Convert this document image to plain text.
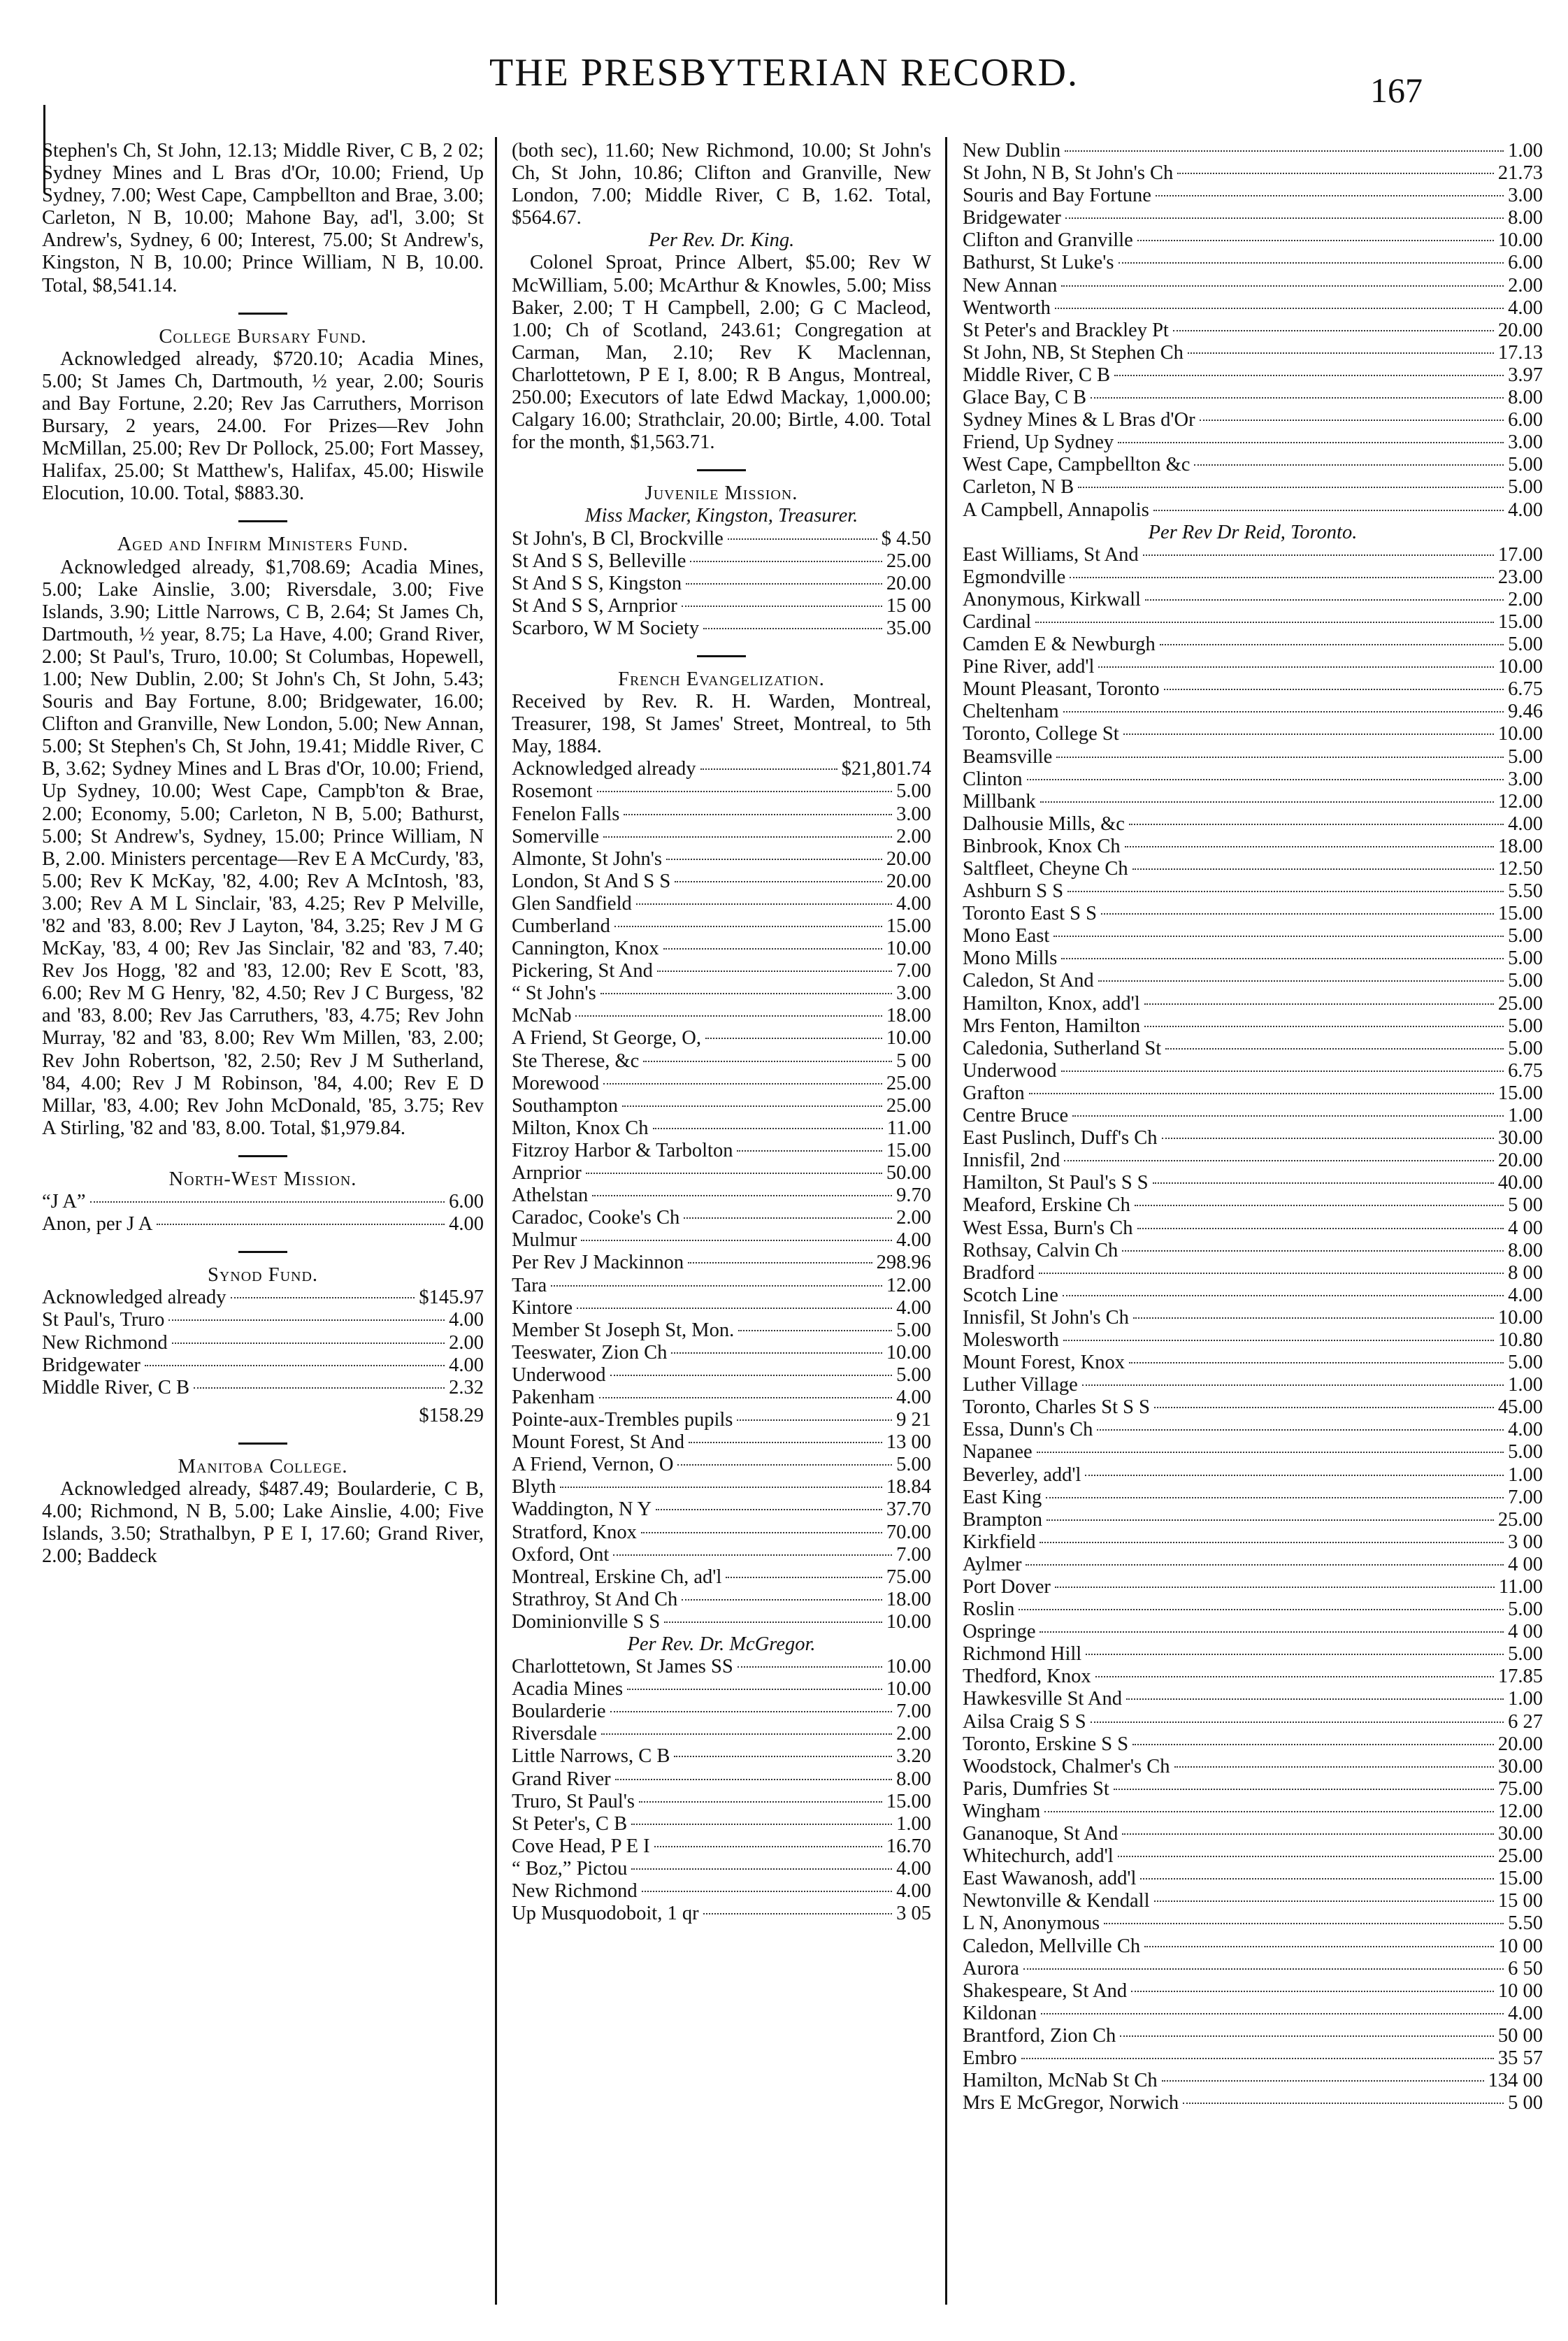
THE PRESBYTERIAN RECORD.	167

Stephen's Ch, St John, 12.13; Middle River, C B, 2 02; Sydney Mines and L Bras d'Or, 10.00; Friend, Up Sydney, 7.00; West Cape, Campbellton and Brae, 3.00; Carleton, N B, 10.00; Mahone Bay, ad'l, 3.00; St Andrew's, Sydney, 6 00; Interest, 75.00; St Andrew's, Kingston, N B, 10.00; Prince William, N B, 10.00. Total, $8,541.14.

College Bursary Fund.

Acknowledged already, $720.10; Acadia Mines, 5.00; St James Ch, Dartmouth, ½ year, 2.00; Souris and Bay Fortune, 2.20; Rev Jas Carruthers, Morrison Bursary, 2 years, 24.00. For Prizes—Rev John McMillan, 25.00; Rev Dr Pollock, 25.00; Fort Massey, Halifax, 25.00; St Matthew's, Halifax, 45.00; Hiswile Elocution, 10.00. Total, $883.30.

Aged and Infirm Ministers Fund.

Acknowledged already, $1,708.69; Acadia Mines, 5.00; Lake Ainslie, 3.00; Riversdale, 3.00; Five Islands, 3.90; Little Narrows, C B, 2.64; St James Ch, Dartmouth, ½ year, 8.75; La Have, 4.00; Grand River, 2.00; St Paul's, Truro, 10.00; St Columbas, Hopewell, 1.00; New Dublin, 2.00; St John's Ch, St John, 5.43; Souris and Bay Fortune, 8.00; Bridgewater, 16.00; Clifton and Granville, New London, 5.00; New Annan, 5.00; St Stephen's Ch, St John, 19.41; Middle River, C B, 3.62; Sydney Mines and L Bras d'Or, 10.00; Friend, Up Sydney, 10.00; West Cape, Campb'ton & Brae, 2.00; Economy, 5.00; Carleton, N B, 5.00; Bathurst, 5.00; St Andrew's, Sydney, 15.00; Prince William, N B, 2.00. Ministers percentage—Rev E A McCurdy, '83, 5.00; Rev K McKay, '82, 4.00; Rev A McIntosh, '83, 3.00; Rev A M L Sinclair, '83, 4.25; Rev P Melville, '82 and '83, 8.00; Rev J Layton, '84, 3.25; Rev J M G McKay, '83, 4 00; Rev Jas Sinclair, '82 and '83, 7.40; Rev Jos Hogg, '82 and '83, 12.00; Rev E Scott, '83, 6.00; Rev M G Henry, '82, 4.50; Rev J C Burgess, '82 and '83, 8.00; Rev Jas Carruthers, '83, 4.75; Rev John Murray, '82 and '83, 8.00; Rev Wm Millen, '83, 2.00; Rev John Robertson, '82, 2.50; Rev J M Sutherland, '84, 4.00; Rev J M Robinson, '84, 4.00; Rev E D Millar, '83, 4.00; Rev John McDonald, '85, 3.75; Rev A Stirling, '82 and '83, 8.00. Total, $1,979.84.

North-West Mission.

“J A”	6.00
Anon, per J A	4.00

Synod Fund.

Acknowledged already	$145.97
St Paul's, Truro	4.00
New Richmond	2.00
Bridgewater	4.00
Middle River, C B	2.32
$158.29

Manitoba College.

Acknowledged already, $487.49; Boularderie, C B, 4.00; Richmond, N B, 5.00; Lake Ainslie, 4.00; Five Islands, 3.50; Strathalbyn, P E I, 17.60; Grand River, 2.00; Baddeck

(both sec), 11.60; New Richmond, 10.00; St John's Ch, St John, 10.86; Clifton and Granville, New London, 7.00; Middle River, C B, 1.62. Total, $564.67.

Per Rev. Dr. King.

Colonel Sproat, Prince Albert, $5.00; Rev W McWilliam, 5.00; McArthur & Knowles, 5.00; Miss Baker, 2.00; T H Campbell, 2.00; G C Macleod, 1.00; Ch of Scotland, 243.61; Congregation at Carman, Man, 2.10; Rev K Maclennan, Charlottetown, P E I, 8.00; R B Angus, Montreal, 250.00; Executors of late Edwd Mackay, 1,000.00; Calgary 16.00; Strathclair, 20.00; Birtle, 4.00. Total for the month, $1,563.71.

Juvenile Mission.

Miss Macker, Kingston, Treasurer.

St John's, B Cl, Brockville	$ 4.50
St And S S, Belleville	25.00
St And S S, Kingston	20.00
St And S S, Arnprior	15 00
Scarboro, W M Society	35.00

French Evangelization.

Received by Rev. R. H. Warden, Montreal, Treasurer, 198, St James' Street, Montreal, to 5th May, 1884.

Acknowledged already	$21,801.74
Rosemont	5.00
Fenelon Falls	3.00
Somerville	2.00
Almonte, St John's	20.00
London, St And S S	20.00
Glen Sandfield	4.00
Cumberland	15.00
Cannington, Knox	10.00
Pickering, St And	7.00
“ St John's	3.00
McNab	18.00
A Friend, St George, O,	10.00
Ste Therese, &c	5 00
Morewood	25.00
Southampton	25.00
Milton, Knox Ch	11.00
Fitzroy Harbor & Tarbolton	15.00
Arnprior	50.00
Athelstan	9.70
Caradoc, Cooke's Ch	2.00
Mulmur	4.00
Per Rev J Mackinnon	298.96
Tara	12.00
Kintore	4.00
Member St Joseph St, Mon.	5.00
Teeswater, Zion Ch	10.00
Underwood	5.00
Pakenham	4.00
Pointe-aux-Trembles pupils	9 21
Mount Forest, St And	13 00
A Friend, Vernon, O	5.00
Blyth	18.84
Waddington, N Y	37.70
Stratford, Knox	70.00
Oxford, Ont	7.00
Montreal, Erskine Ch, ad'l	75.00
Strathroy, St And Ch	18.00
Dominionville S S	10.00

Per Rev. Dr. McGregor.

Charlottetown, St James SS	10.00
Acadia Mines	10.00
Boularderie	7.00
Riversdale	2.00
Little Narrows, C B	3.20
Grand River	8.00
Truro, St Paul's	15.00
St Peter's, C B	1.00
Cove Head, P E I	16.70
“ Boz,” Pictou	4.00
New Richmond	4.00
Up Musquodoboit, 1 qr	3 05
New Dublin	1.00
St John, N B, St John's Ch	21.73
Souris and Bay Fortune	3.00
Bridgewater	8.00
Clifton and Granville	10.00
Bathurst, St Luke's	6.00
New Annan	2.00
Wentworth	4.00
St Peter's and Brackley Pt	20.00
St John, NB, St Stephen Ch	17.13
Middle River, C B	3.97
Glace Bay, C B	8.00
Sydney Mines & L Bras d'Or	6.00
Friend, Up Sydney	3.00
West Cape, Campbellton &c	5.00
Carleton, N B	5.00
A Campbell, Annapolis	4.00

Per Rev Dr Reid, Toronto.

East Williams, St And	17.00
Egmondville	23.00
Anonymous, Kirkwall	2.00
Cardinal	15.00
Camden E & Newburgh	5.00
Pine River, add'l	10.00
Mount Pleasant, Toronto	6.75
Cheltenham	9.46
Toronto, College St	10.00
Beamsville	5.00
Clinton	3.00
Millbank	12.00
Dalhousie Mills, &c	4.00
Binbrook, Knox Ch	18.00
Saltfleet, Cheyne Ch	12.50
Ashburn S S	5.50
Toronto East S S	15.00
Mono East	5.00
Mono Mills	5.00
Caledon, St And	5.00
Hamilton, Knox, add'l	25.00
Mrs Fenton, Hamilton	5.00
Caledonia, Sutherland St	5.00
Underwood	6.75
Grafton	15.00
Centre Bruce	1.00
East Puslinch, Duff's Ch	30.00
Innisfil, 2nd	20.00
Hamilton, St Paul's S S	40.00
Meaford, Erskine Ch	5 00
West Essa, Burn's Ch	4 00
Rothsay, Calvin Ch	8.00
Bradford	8 00
Scotch Line	4.00
Innisfil, St John's Ch	10.00
Molesworth	10.80
Mount Forest, Knox	5.00
Luther Village	1.00
Toronto, Charles St S S	45.00
Essa, Dunn's Ch	4.00
Napanee	5.00
Beverley, add'l	1.00
East King	7.00
Brampton	25.00
Kirkfield	3 00
Aylmer	4 00
Port Dover	11.00
Roslin	5.00
Ospringe	4 00
Richmond Hill	5.00
Thedford, Knox	17.85
Hawkesville St And	1.00
Ailsa Craig S S	6 27
Toronto, Erskine S S	20.00
Woodstock, Chalmer's Ch	30.00
Paris, Dumfries St	75.00
Wingham	12.00
Gananoque, St And	30.00
Whitechurch, add'l	25.00
East Wawanosh, add'l	15.00
Newtonville & Kendall	15 00
L N, Anonymous	5.50
Caledon, Mellville Ch	10 00
Aurora	6 50
Shakespeare, St And	10 00
Kildonan	4.00
Brantford, Zion Ch	50 00
Embro	35 57
Hamilton, McNab St Ch	134 00
Mrs E McGregor, Norwich	5 00
